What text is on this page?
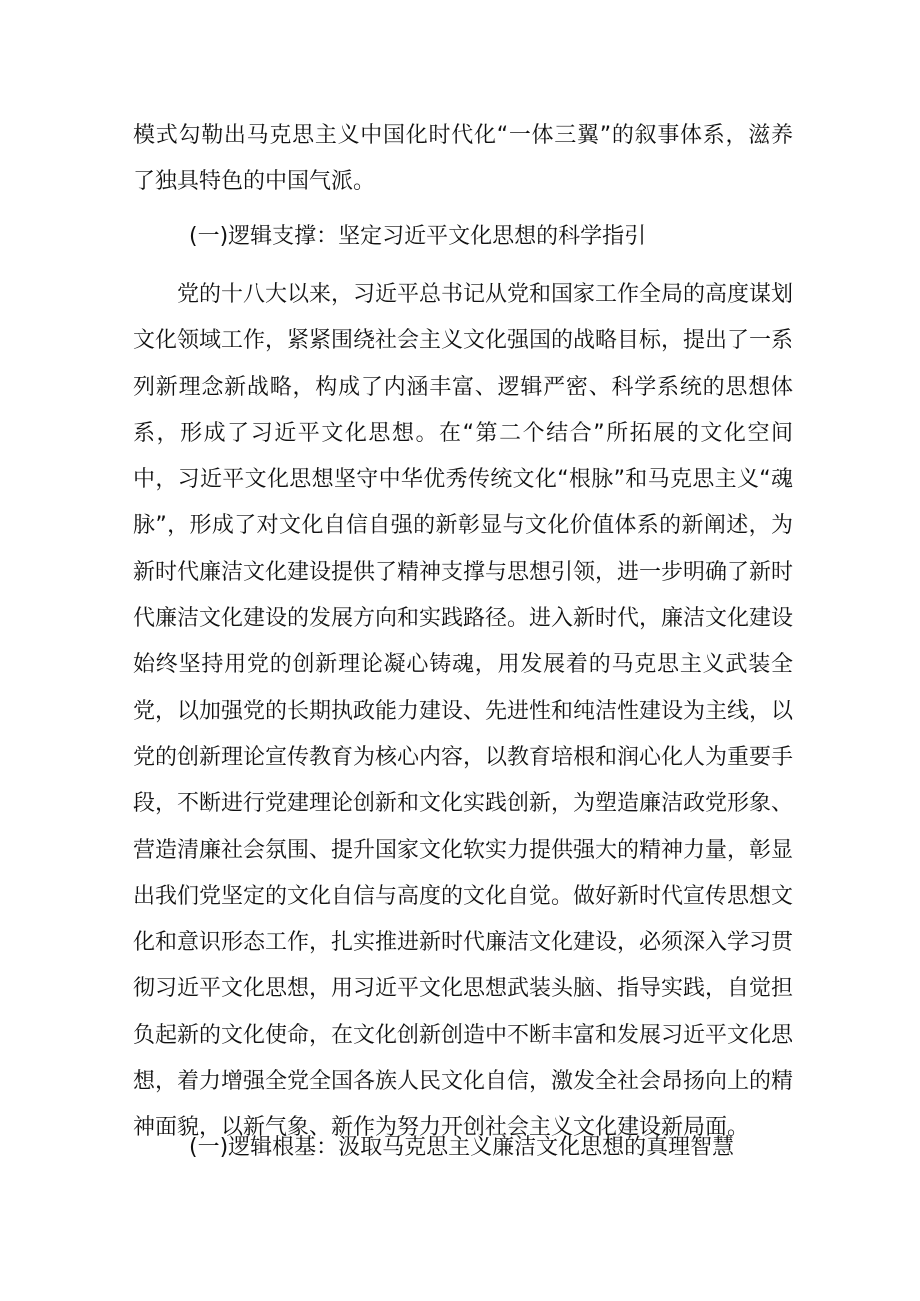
模式勾勒出马克思主义中国化时代化“一体三翼”的叙事体系，滋养了独具特色的中国气派。

(一)逻辑支撑：坚定习近平文化思想的科学指引

党的十八大以来，习近平总书记从党和国家工作全局的高度谋划文化领域工作，紧紧围绕社会主义文化强国的战略目标，提出了一系列新理念新战略，构成了内涵丰富、逻辑严密、科学系统的思想体系，形成了习近平文化思想。在“第二个结合”所拓展的文化空间中，习近平文化思想坚守中华优秀传统文化“根脉”和马克思主义“魂脉”，形成了对文化自信自强的新彰显与文化价值体系的新阐述，为新时代廉洁文化建设提供了精神支撑与思想引领，进一步明确了新时代廉洁文化建设的发展方向和实践路径。进入新时代，廉洁文化建设始终坚持用党的创新理论凝心铸魂，用发展着的马克思主义武装全党，以加强党的长期执政能力建设、先进性和纯洁性建设为主线，以党的创新理论宣传教育为核心内容，以教育培根和润心化人为重要手段，不断进行党建理论创新和文化实践创新，为塑造廉洁政党形象、营造清廉社会氛围、提升国家文化软实力提供强大的精神力量，彰显出我们党坚定的文化自信与高度的文化自觉。做好新时代宣传思想文化和意识形态工作，扎实推进新时代廉洁文化建设，必须深入学习贯彻习近平文化思想，用习近平文化思想武装头脑、指导实践，自觉担负起新的文化使命，在文化创新创造中不断丰富和发展习近平文化思想，着力增强全党全国各族人民文化自信，激发全社会昂扬向上的精神面貌，以新气象、新作为努力开创社会主义文化建设新局面。

(一)逻辑根基：汲取马克思主义廉洁文化思想的真理智慧
